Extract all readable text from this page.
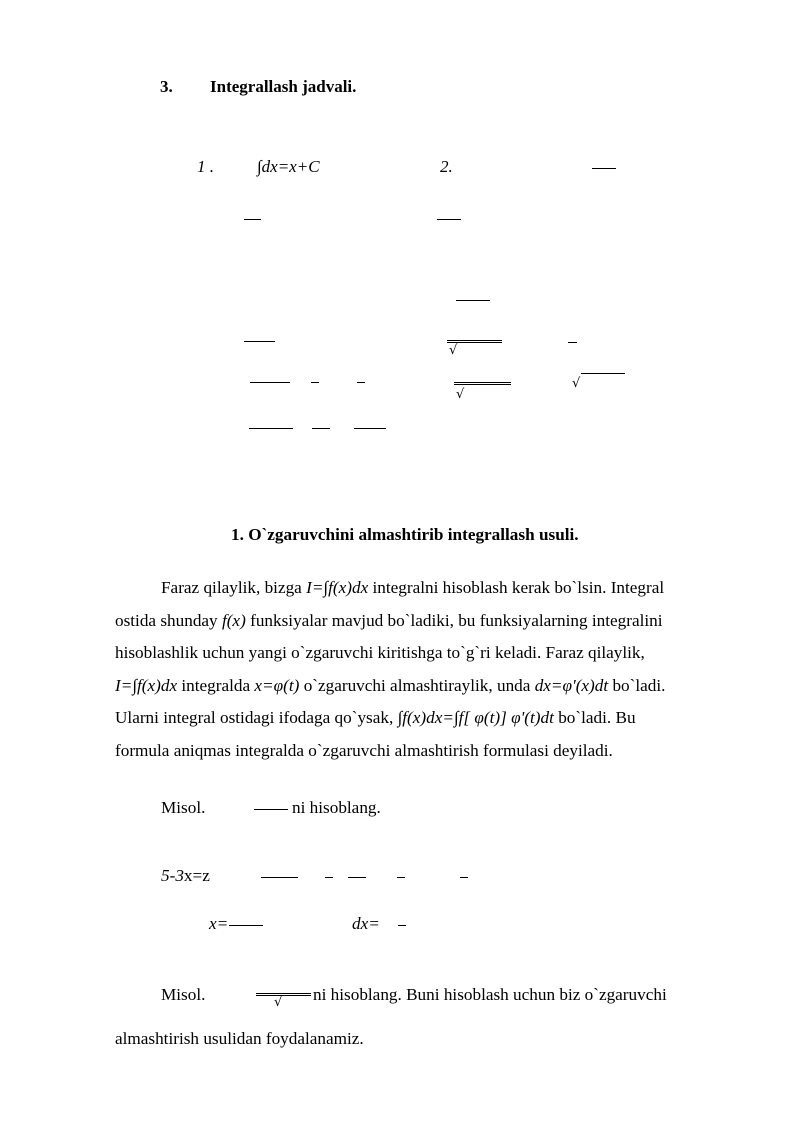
3. Integrallash jadvali.
1 .	∫dx=x+C	2.
√
√
√
1. O`zgaruvchini almashtirib integrallash usuli.
Faraz qilaylik, bizga I=∫f(x)dx integralni hisoblash kerak bo`lsin. Integral
ostida shunday f(x) funksiyalar mavjud bo`ladiki, bu funksiyalarning integralini
hisoblashlik uchun yangi o`zgaruvchi kiritishga to`g`ri keladi. Faraz qilaylik,
I=∫f(x)dx integralda x=φ(t) o`zgaruvchi almashtiraylik, unda dx=φ'(x)dt bo`ladi.
Ularni integral ostidagi ifodaga qo`ysak, ∫f(x)dx=∫f[ φ(t)] φ'(t)dt bo`ladi. Bu
formula aniqmas integralda o`zgaruvchi almashtirish formulasi deyiladi.
Misol.	ni hisoblang.
5-3x=z
x=	dx=
Misol.	√ ni hisoblang. Buni hisoblash uchun biz o`zgaruvchi
almashtirish usulidan foydalanamiz.
